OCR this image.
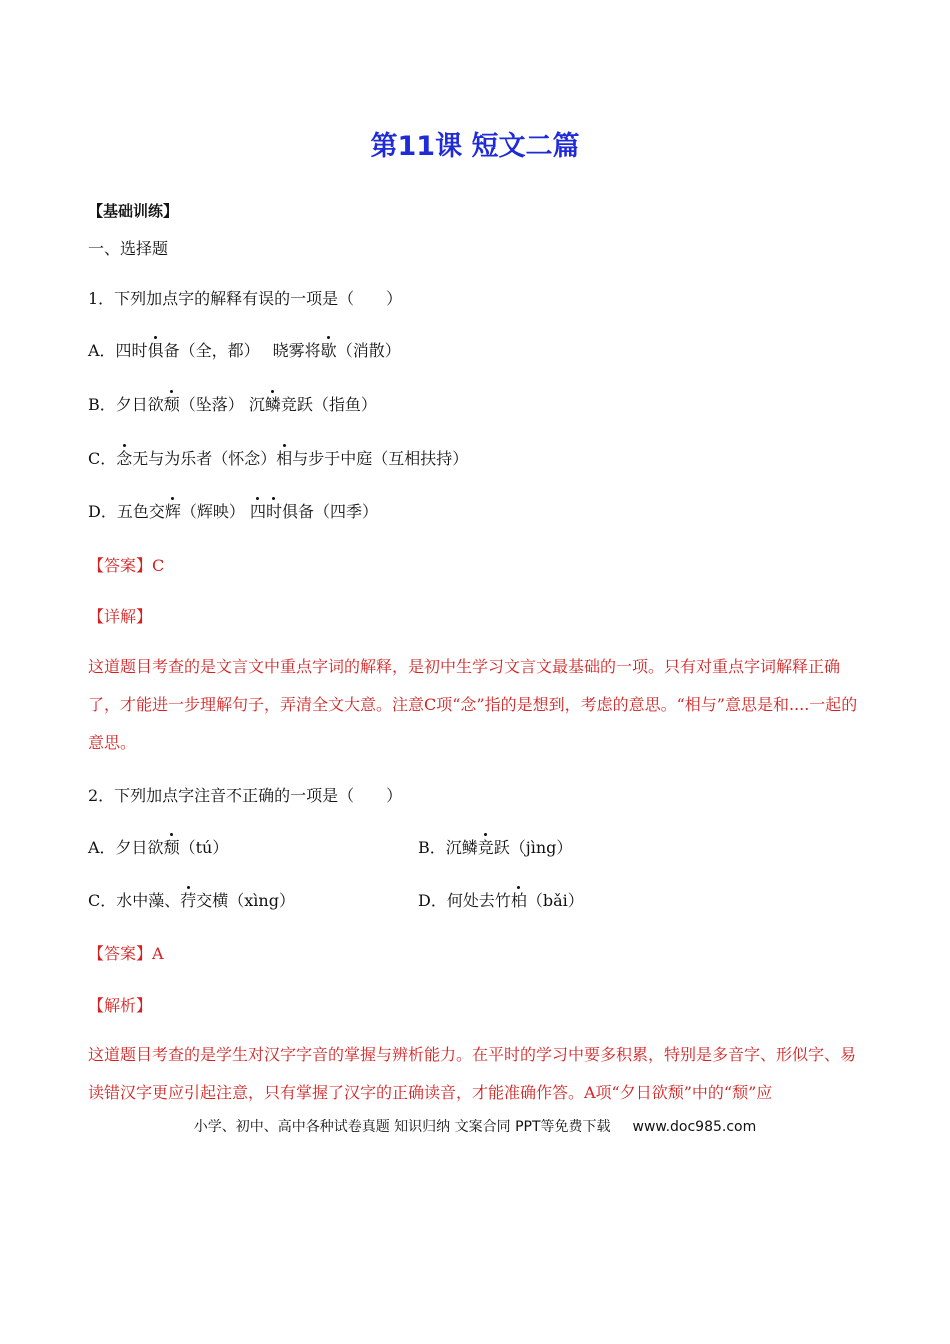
第11课 短文二篇
【基础训练】
一、选择题
1．下列加点字的解释有误的一项是（　　）
A．四时俱备（全，都）　 晓雾将歇（消散）
B．夕日欲颓（坠落） 沉鳞竞跃（指鱼）
C．念无与为乐者（怀念）相与步于中庭（互相扶持）
D．五色交辉（辉映） 四时俱备（四季）
【答案】C
【详解】
这道题目考查的是文言文中重点字词的解释，是初中生学习文言文最基础的一项。只有对重点字词解释正确了，才能进一步理解句子，弄清全文大意。注意C项“念”指的是想到，考虑的意思。“相与”意思是和....一起的意思。
2．下列加点字注音不正确的一项是（　　）
A．夕日欲颓（tú）	B．沉鳞竞跃（jìng）
C．水中藻、荇交横（xìng）	D．何处去竹柏（bǎi）
【答案】A
【解析】
这道题目考查的是学生对汉字字音的掌握与辨析能力。在平时的学习中要多积累，特别是多音字、形似字、易读错汉字更应引起注意，只有掌握了汉字的正确读音，才能准确作答。A项“夕日欲颓”中的“颓”应
小学、初中、高中各种试卷真题 知识归纳 文案合同 PPT等免费下载 www.doc985.com
